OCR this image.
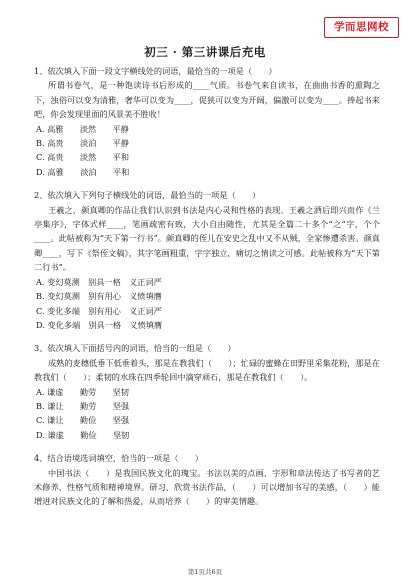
学而思网校
初三 · 第三讲课后充电
1、依次填入下面一段文字横线处的词语，最恰当的一项是（　　）
所谓书卷气，是一种饱读诗书后形成的____气质。书卷气来自读书，在曲曲书香的熏陶之下，浊俗可以变为清雅，奢华可以变为____，促狭可以变为开阔，偏激可以变为____。捧起书来吧，你会发现里面的风景美不胜收！
A. 高雅　　淡然　　平静
B. 高贵　　淡泊　　平静
C. 高贵　　淡然　　平和
D. 高雅　　淡泊　　平和
2、依次填入下列句子横线处的词语，最恰当的一项是（　　）
王羲之，颜真卿的作品让我们认识到书法是内心灵和性格的表现。王羲之洒后即兴而作《兰亭集序》，字体式样____，笔画疏密有致，大小自由随性，尤其是全篇二十多个“之”字，个个____。此帖被称为“天下第一行书”。颜真卿的侄儿在安史之乱中又不从贼，全家惨遭杀害。颜真卿____，写下《祭侄文稿》，其字笔画粗重，字字独立，痛切之情读之可感。此帖被称为“天下第二行书”。
A. 变幻莫测　别具一格　义正词严
B. 变幻莫测　别有用心　义愤填膺
C. 变化多端　别有用心　义正词严
D. 变化多端　别具一格　义愤填膺
3、依次填入下面括号内的词语，恰当的一组是（　　）
成熟的麦穗低垂下低垂着头，那是在教我们（　　）；忙碌的蜜蜂在田野里采集花粉，那是在教我们（　　）；柔韧的水珠在四季轮回中滴穿顽石，那是在教我们（　　）。
A. 谦虚　　勤劳　　坚韧
B. 谦让　　勤劳　　坚强
C. 谦让　　勤俭　　坚强
D. 谦虚　　勤俭　　坚韧
4、结合语境选词填空，恰当的一项是（　　）
中国书法（　　）是我国民族文化的瑰宝。书法以美的点画、字形和章法传达了书写者的艺术修养、性格气质和精神境界。研习、欣赏书法作品，（　　）可以增加书写的美感，（　　）能增进对民族文化的了解和热爱，从而培养（　　）的审美情趣。
第1页共6页
